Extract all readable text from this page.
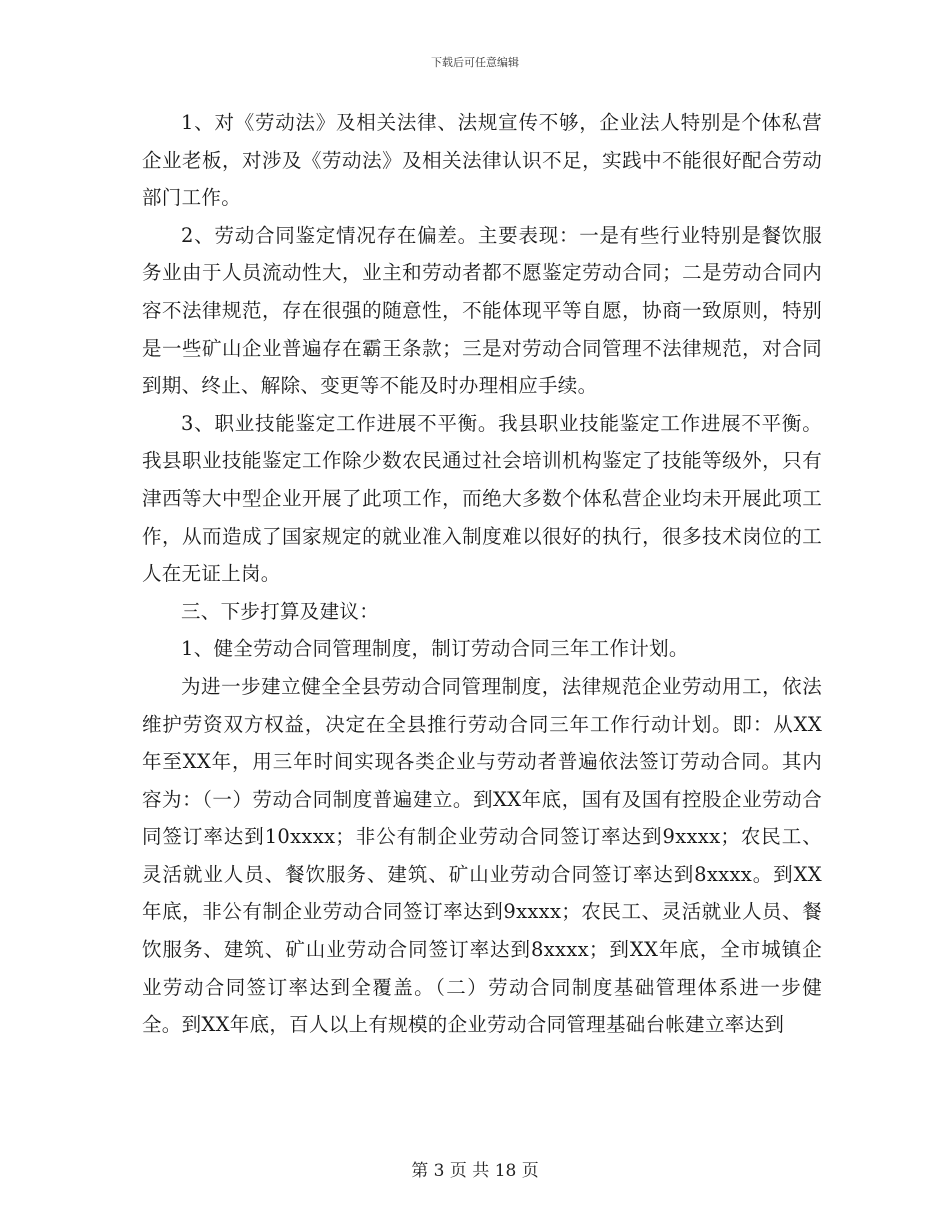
下载后可任意编辑

1、对《劳动法》及相关法律、法规宣传不够，企业法人特别是个体私营企业老板，对涉及《劳动法》及相关法律认识不足，实践中不能很好配合劳动部门工作。

2、劳动合同鉴定情况存在偏差。主要表现：一是有些行业特别是餐饮服务业由于人员流动性大，业主和劳动者都不愿鉴定劳动合同；二是劳动合同内容不法律规范，存在很强的随意性，不能体现平等自愿，协商一致原则，特别是一些矿山企业普遍存在霸王条款；三是对劳动合同管理不法律规范，对合同到期、终止、解除、变更等不能及时办理相应手续。

3、职业技能鉴定工作进展不平衡。我县职业技能鉴定工作进展不平衡。我县职业技能鉴定工作除少数农民通过社会培训机构鉴定了技能等级外，只有津西等大中型企业开展了此项工作，而绝大多数个体私营企业均未开展此项工作，从而造成了国家规定的就业准入制度难以很好的执行，很多技术岗位的工人在无证上岗。

三、下步打算及建议：

1、健全劳动合同管理制度，制订劳动合同三年工作计划。

为进一步建立健全全县劳动合同管理制度，法律规范企业劳动用工，依法维护劳资双方权益，决定在全县推行劳动合同三年工作行动计划。即：从XX年至XX年，用三年时间实现各类企业与劳动者普遍依法签订劳动合同。其内容为：（一）劳动合同制度普遍建立。到XX年底，国有及国有控股企业劳动合同签订率达到10xxxx；非公有制企业劳动合同签订率达到9xxxx；农民工、灵活就业人员、餐饮服务、建筑、矿山业劳动合同签订率达到8xxxx。到XX年底，非公有制企业劳动合同签订率达到9xxxx；农民工、灵活就业人员、餐饮服务、建筑、矿山业劳动合同签订率达到8xxxx；到XX年底，全市城镇企业劳动合同签订率达到全覆盖。（二）劳动合同制度基础管理体系进一步健全。到XX年底，百人以上有规模的企业劳动合同管理基础台帐建立率达到

第 3 页 共 18 页
